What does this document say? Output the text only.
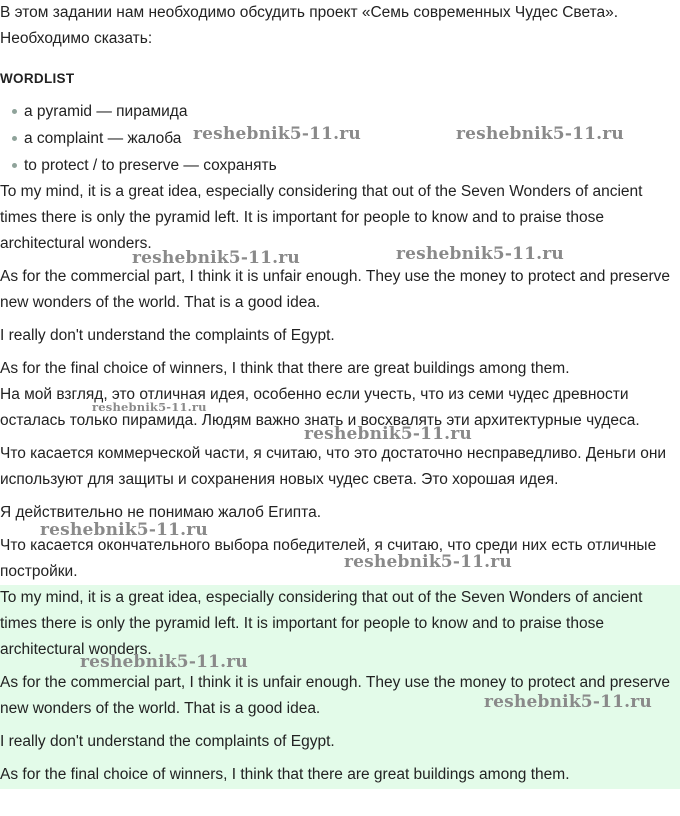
В этом задании нам необходимо обсудить проект «Семь современных Чудес Света». Необходимо сказать:

WORDLIST
a pyramid — пирамида
a complaint — жалоба
to protect / to preserve — сохранять

To my mind, it is a great idea, especially considering that out of the Seven Wonders of ancient times there is only the pyramid left. It is important for people to know and to praise those architectural wonders.

As for the commercial part, I think it is unfair enough. They use the money to protect and preserve new wonders of the world. That is a good idea.

I really don't understand the complaints of Egypt.

As for the final choice of winners, I think that there are great buildings among them.

На мой взгляд, это отличная идея, особенно если учесть, что из семи чудес древности осталась только пирамида. Людям важно знать и восхвалять эти архитектурные чудеса.

Что касается коммерческой части, я считаю, что это достаточно несправедливо. Деньги они используют для защиты и сохранения новых чудес света. Это хорошая идея.

Я действительно не понимаю жалоб Египта.

Что касается окончательного выбора победителей, я считаю, что среди них есть отличные постройки.

To my mind, it is a great idea, especially considering that out of the Seven Wonders of ancient times there is only the pyramid left. It is important for people to know and to praise those architectural wonders.

As for the commercial part, I think it is unfair enough. They use the money to protect and preserve new wonders of the world. That is a good idea.

I really don't understand the complaints of Egypt.

As for the final choice of winners, I think that there are great buildings among them.

reshebnik5-11.ru	reshebnik5-11.ru
reshebnik5-11.ru	reshebnik5-11.ru
reshebnik5-11.ru
reshebnik5-11.ru
reshebnik5-11.ru
reshebnik5-11.ru
reshebnik5-11.ru
reshebnik5-11.ru
